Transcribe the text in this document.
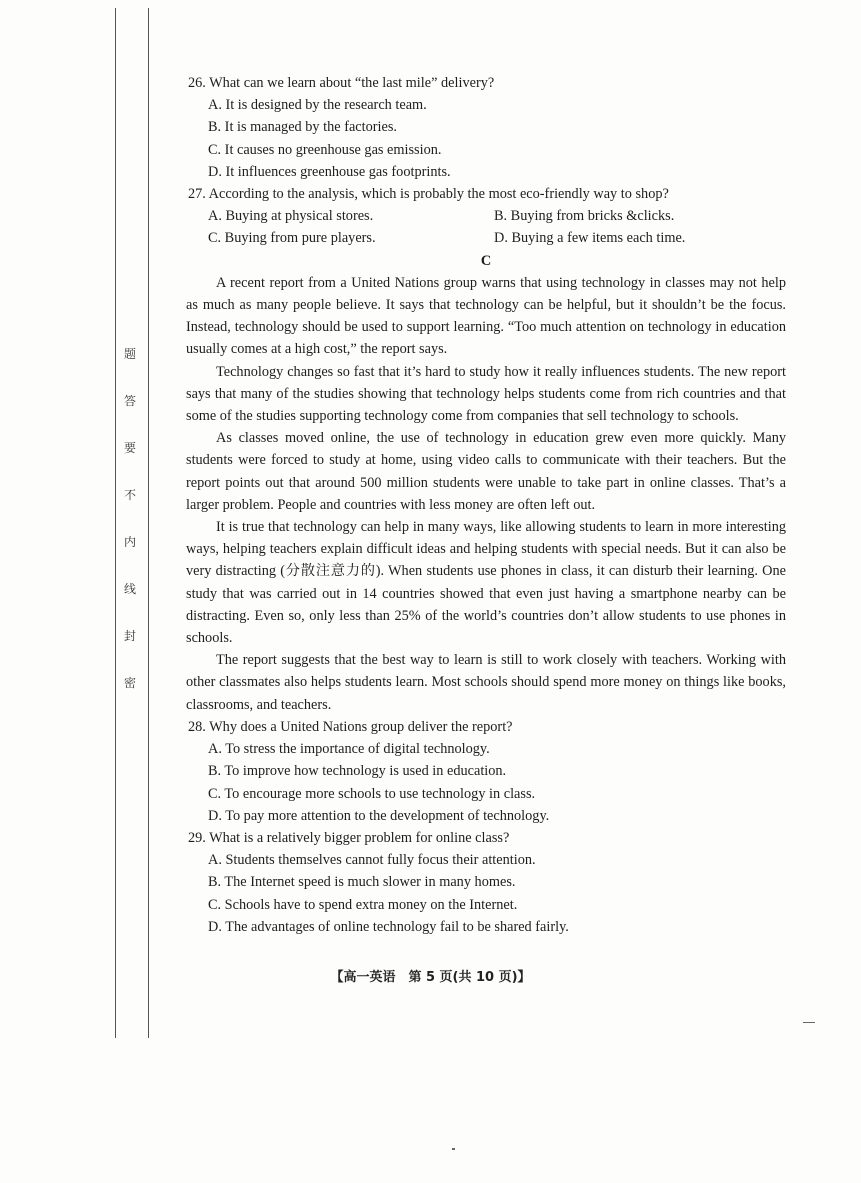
题
答
要
不
内
线
封
密
26. What can we learn about “the last mile” delivery?
A. It is designed by the research team.
B. It is managed by the factories.
C. It causes no greenhouse gas emission.
D. It influences greenhouse gas footprints.
27. According to the analysis, which is probably the most eco-friendly way to shop?
A. Buying at physical stores.	B. Buying from bricks &clicks.
C. Buying from pure players.	D. Buying a few items each time.
C

A recent report from a United Nations group warns that using technology in classes may not help as much as many people believe. It says that technology can be helpful, but it shouldn’t be the focus. Instead, technology should be used to support learning. “Too much attention on technology in education usually comes at a high cost,” the report says.

Technology changes so fast that it’s hard to study how it really influences students. The new report says that many of the studies showing that technology helps students come from rich countries and that some of the studies supporting technology come from companies that sell technology to schools.

As classes moved online, the use of technology in education grew even more quickly. Many students were forced to study at home, using video calls to communicate with their teachers. But the report points out that around 500 million students were unable to take part in online classes. That’s a larger problem. People and countries with less money are often left out.

It is true that technology can help in many ways, like allowing students to learn in more interesting ways, helping teachers explain difficult ideas and helping students with special needs. But it can also be very distracting (分散注意力的). When students use phones in class, it can disturb their learning. One study that was carried out in 14 countries showed that even just having a smartphone nearby can be distracting. Even so, only less than 25% of the world’s countries don’t allow students to use phones in schools.

The report suggests that the best way to learn is still to work closely with teachers. Working with other classmates also helps students learn. Most schools should spend more money on things like books, classrooms, and teachers.

28. Why does a United Nations group deliver the report?
A. To stress the importance of digital technology.
B. To improve how technology is used in education.
C. To encourage more schools to use technology in class.
D. To pay more attention to the development of technology.
29. What is a relatively bigger problem for online class?
A. Students themselves cannot fully focus their attention.
B. The Internet speed is much slower in many homes.
C. Schools have to spend extra money on the Internet.
D. The advantages of online technology fail to be shared fairly.
【高一英语　第 5 页(共 10 页)】
